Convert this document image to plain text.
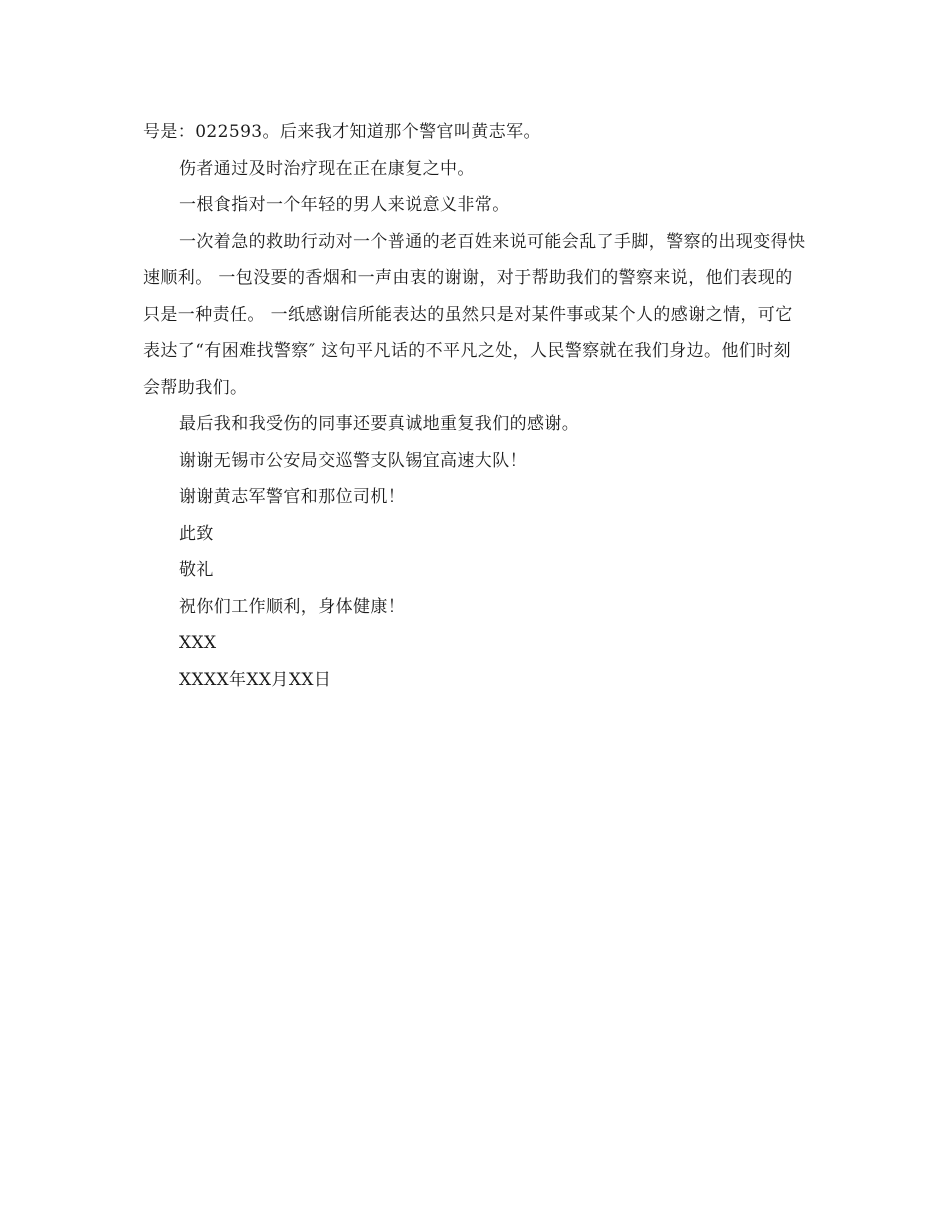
号是：022593。后来我才知道那个警官叫黄志军。

伤者通过及时治疗现在正在康复之中。

一根食指对一个年轻的男人来说意义非常。

一次着急的救助行动对一个普通的老百姓来说可能会乱了手脚，警察的出现变得快速顺利。 一包没要的香烟和一声由衷的谢谢，对于帮助我们的警察来说，他们表现的只是一种责任。 一纸感谢信所能表达的虽然只是对某件事或某个人的感谢之情，可它表达了“有困难找警察″ 这句平凡话的不平凡之处，人民警察就在我们身边。他们时刻会帮助我们。

最后我和我受伤的同事还要真诚地重复我们的感谢。

谢谢无锡市公安局交巡警支队锡宜高速大队！

谢谢黄志军警官和那位司机！

此致

敬礼

祝你们工作顺利，身体健康！

XXX

XXXX年XX月XX日
